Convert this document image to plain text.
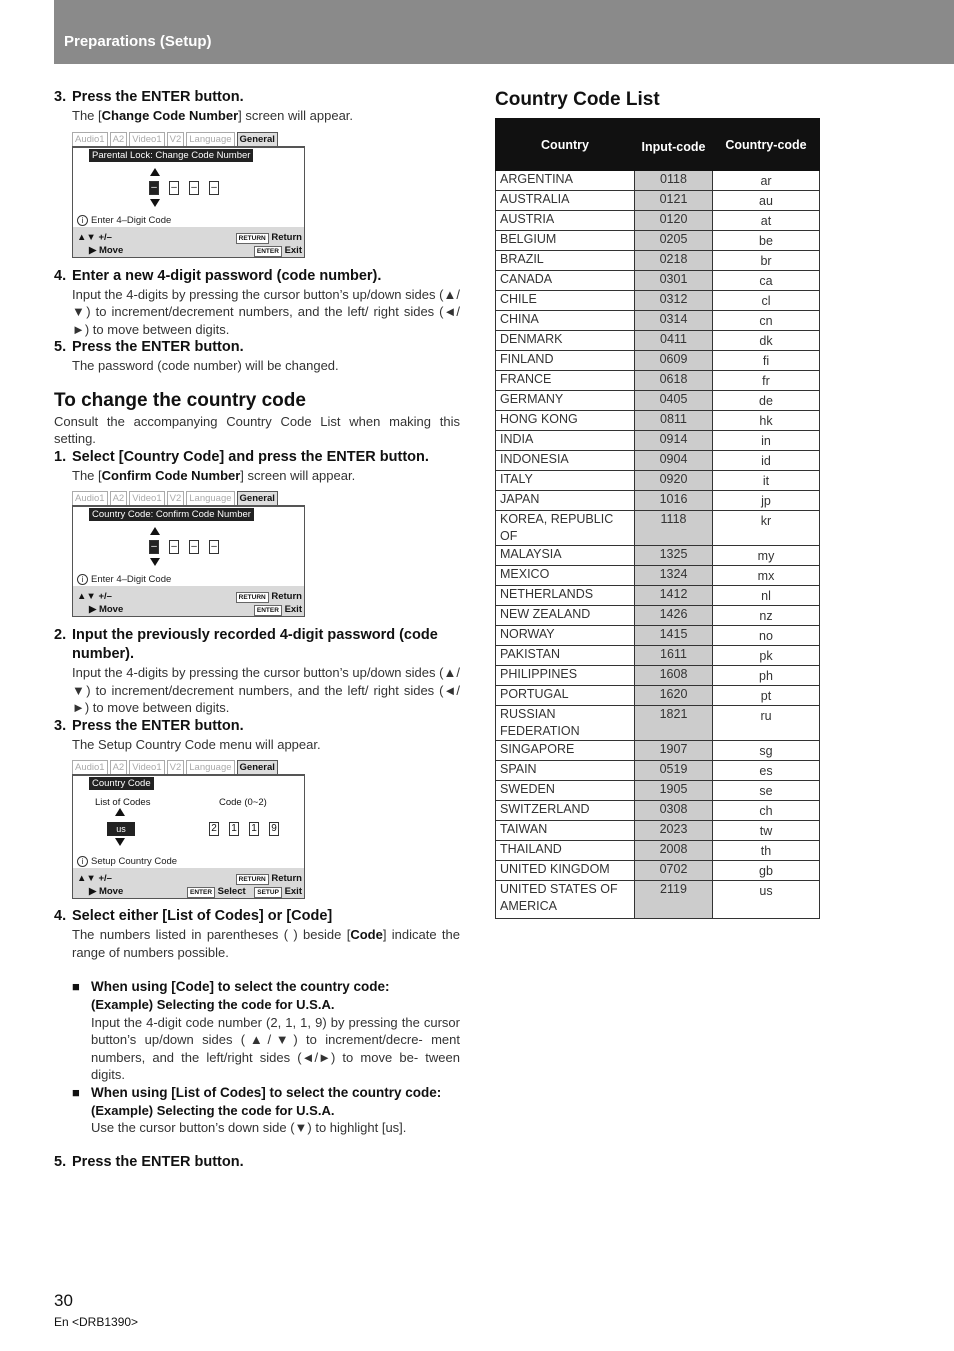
Preparations (Setup)
3. Press the ENTER button.
The [Change Code Number] screen will appear.
Audio1 A2 Video1 V2 Language General
Parental Lock: Change Code Number
– – – –
i Enter 4–Digit Code
▲▼ +/–
▶ Move
RETURN Return
ENTER Exit
4. Enter a new 4-digit password (code number).
Input the 4-digits by pressing the cursor button’s up/down sides (▲/▼) to increment/decrement numbers, and the left/ right sides (◄/►) to move between digits.
5. Press the ENTER button.
The password (code number) will be changed.
To change the country code
Consult the accompanying Country Code List when making this setting.
1. Select [Country Code] and press the ENTER button.
The [Confirm Code Number] screen will appear.
Audio1 A2 Video1 V2 Language General
Country Code: Confirm Code Number
– – – –
i Enter 4–Digit Code
▲▼ +/–
▶ Move
RETURN Return
ENTER Exit
2. Input the previously recorded 4-digit password (code number).
Input the 4-digits by pressing the cursor button’s up/down sides (▲/▼) to increment/decrement numbers, and the left/ right sides (◄/►) to move between digits.
3. Press the ENTER button.
The Setup Country Code menu will appear.
Audio1 A2 Video1 V2 Language General
Country Code
List of Codes	Code (0~2)
us	2 1 1 9
i Setup Country Code
▲▼ +/–
▶ Move	ENTER Select
RETURN Return
SETUP Exit
4. Select either [List of Codes] or [Code]
The numbers listed in parentheses ( ) beside [Code] indicate the range of numbers possible.
■ When using [Code] to select the country code:
(Example) Selecting the code for U.S.A.
Input the 4-digit code number (2, 1, 1, 9) by pressing the cursor button’s up/down sides (▲/▼) to increment/decre- ment numbers, and the left/right sides (◄/►) to move be- tween digits.
■ When using [List of Codes] to select the country code:
(Example) Selecting the code for U.S.A.
Use the cursor button’s down side (▼) to highlight [us].
5. Press the ENTER button.
Country Code List
Country	Input-code	Country-code
ARGENTINA	0118	ar
AUSTRALIA	0121	au
AUSTRIA	0120	at
BELGIUM	0205	be
BRAZIL	0218	br
CANADA	0301	ca
CHILE	0312	cl
CHINA	0314	cn
DENMARK	0411	dk
FINLAND	0609	fi
FRANCE	0618	fr
GERMANY	0405	de
HONG KONG	0811	hk
INDIA	0914	in
INDONESIA	0904	id
ITALY	0920	it
JAPAN	1016	jp
KOREA, REPUBLIC OF	1118	kr
MALAYSIA	1325	my
MEXICO	1324	mx
NETHERLANDS	1412	nl
NEW ZEALAND	1426	nz
NORWAY	1415	no
PAKISTAN	1611	pk
PHILIPPINES	1608	ph
PORTUGAL	1620	pt
RUSSIAN FEDERATION	1821	ru
SINGAPORE	1907	sg
SPAIN	0519	es
SWEDEN	1905	se
SWITZERLAND	0308	ch
TAIWAN	2023	tw
THAILAND	2008	th
UNITED KINGDOM	0702	gb
UNITED STATES OF AMERICA	2119	us
30
En <DRB1390>
